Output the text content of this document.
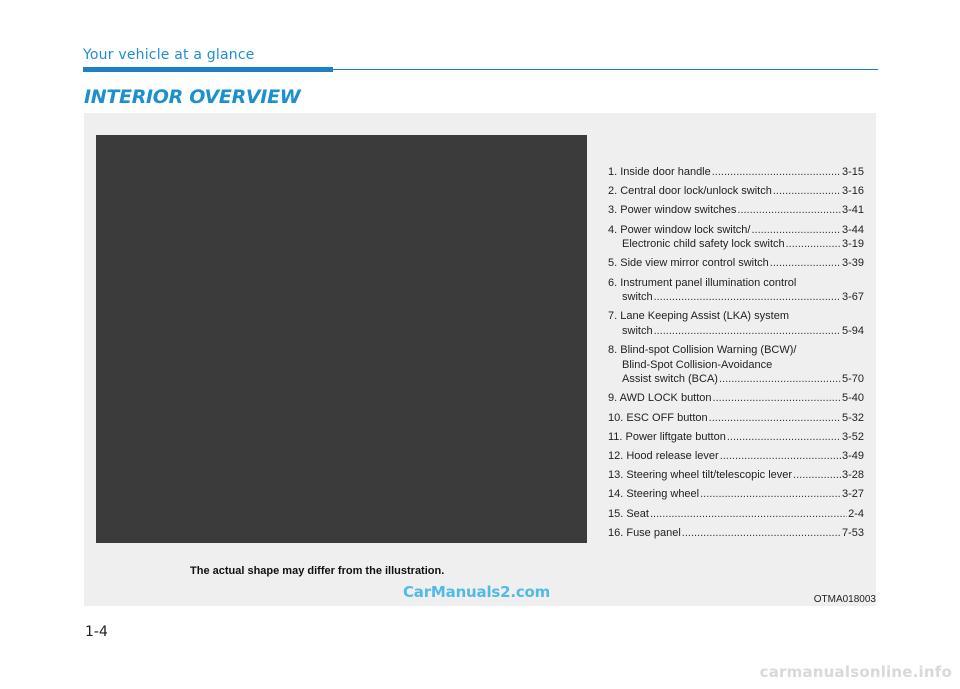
Your vehicle at a glance
INTERIOR OVERVIEW
1. Inside door handle .....	3-15
2. Central door lock/unlock switch .....	3-16
3. Power window switches .....	3-41
4. Power window lock switch/ .....	3-44
Electronic child safety lock switch .....	3-19
5. Side view mirror control switch .....	3-39
6. Instrument panel illumination control
switch .....	3-67
7. Lane Keeping Assist (LKA) system
switch .....	5-94
8. Blind-spot Collision Warning (BCW)/
Blind-Spot Collision-Avoidance
Assist switch (BCA) .....	5-70
9. AWD LOCK button .....	5-40
10. ESC OFF button .....	5-32
11. Power liftgate button .....	3-52
12. Hood release lever .....	3-49
13. Steering wheel tilt/telescopic lever .....	3-28
14. Steering wheel .....	3-27
15. Seat .....	2-4
16. Fuse panel .....	7-53
The actual shape may differ from the illustration.
OTMA018003
CarManuals2.com
1-4
carmanualsonline.info
